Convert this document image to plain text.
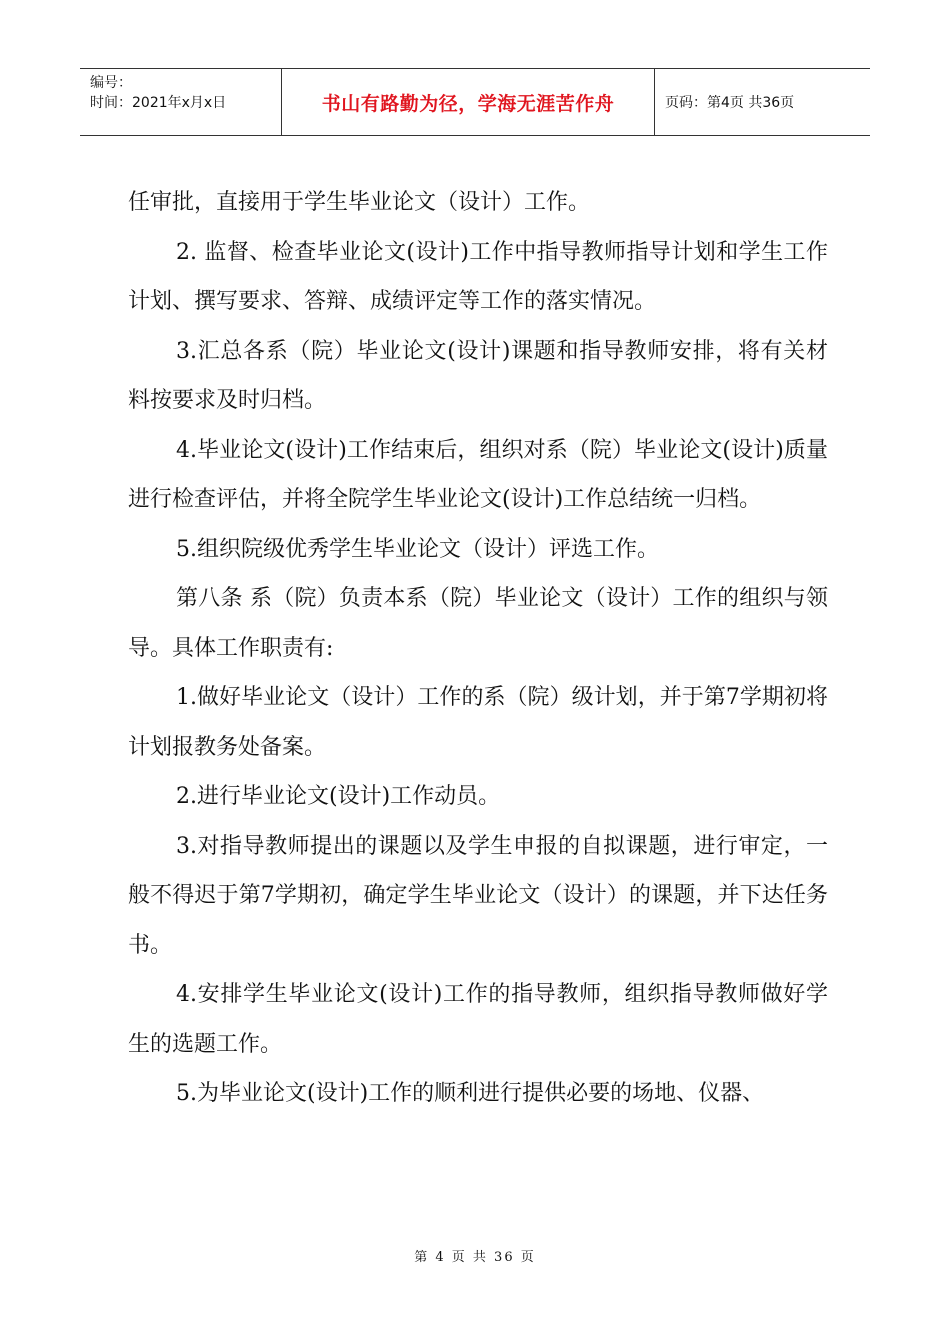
编号：
时间：2021年x月x日	书山有路勤为径，学海无涯苦作舟	页码：第4页 共36页

任审批，直接用于学生毕业论文（设计）工作。

2. 监督、检查毕业论文(设计)工作中指导教师指导计划和学生工作计划、撰写要求、答辩、成绩评定等工作的落实情况。

3.汇总各系（院）毕业论文(设计)课题和指导教师安排，将有关材料按要求及时归档。

4.毕业论文(设计)工作结束后，组织对系（院）毕业论文(设计)质量进行检查评估，并将全院学生毕业论文(设计)工作总结统一归档。

5.组织院级优秀学生毕业论文（设计）评选工作。

第八条 系（院）负责本系（院）毕业论文（设计）工作的组织与领导。具体工作职责有:

1.做好毕业论文（设计）工作的系（院）级计划，并于第7学期初将计划报教务处备案。

2.进行毕业论文(设计)工作动员。

3.对指导教师提出的课题以及学生申报的自拟课题，进行审定，一般不得迟于第7学期初，确定学生毕业论文（设计）的课题，并下达任务书。

4.安排学生毕业论文(设计)工作的指导教师，组织指导教师做好学生的选题工作。

5.为毕业论文(设计)工作的顺利进行提供必要的场地、仪器、

第 4 页 共 36 页
